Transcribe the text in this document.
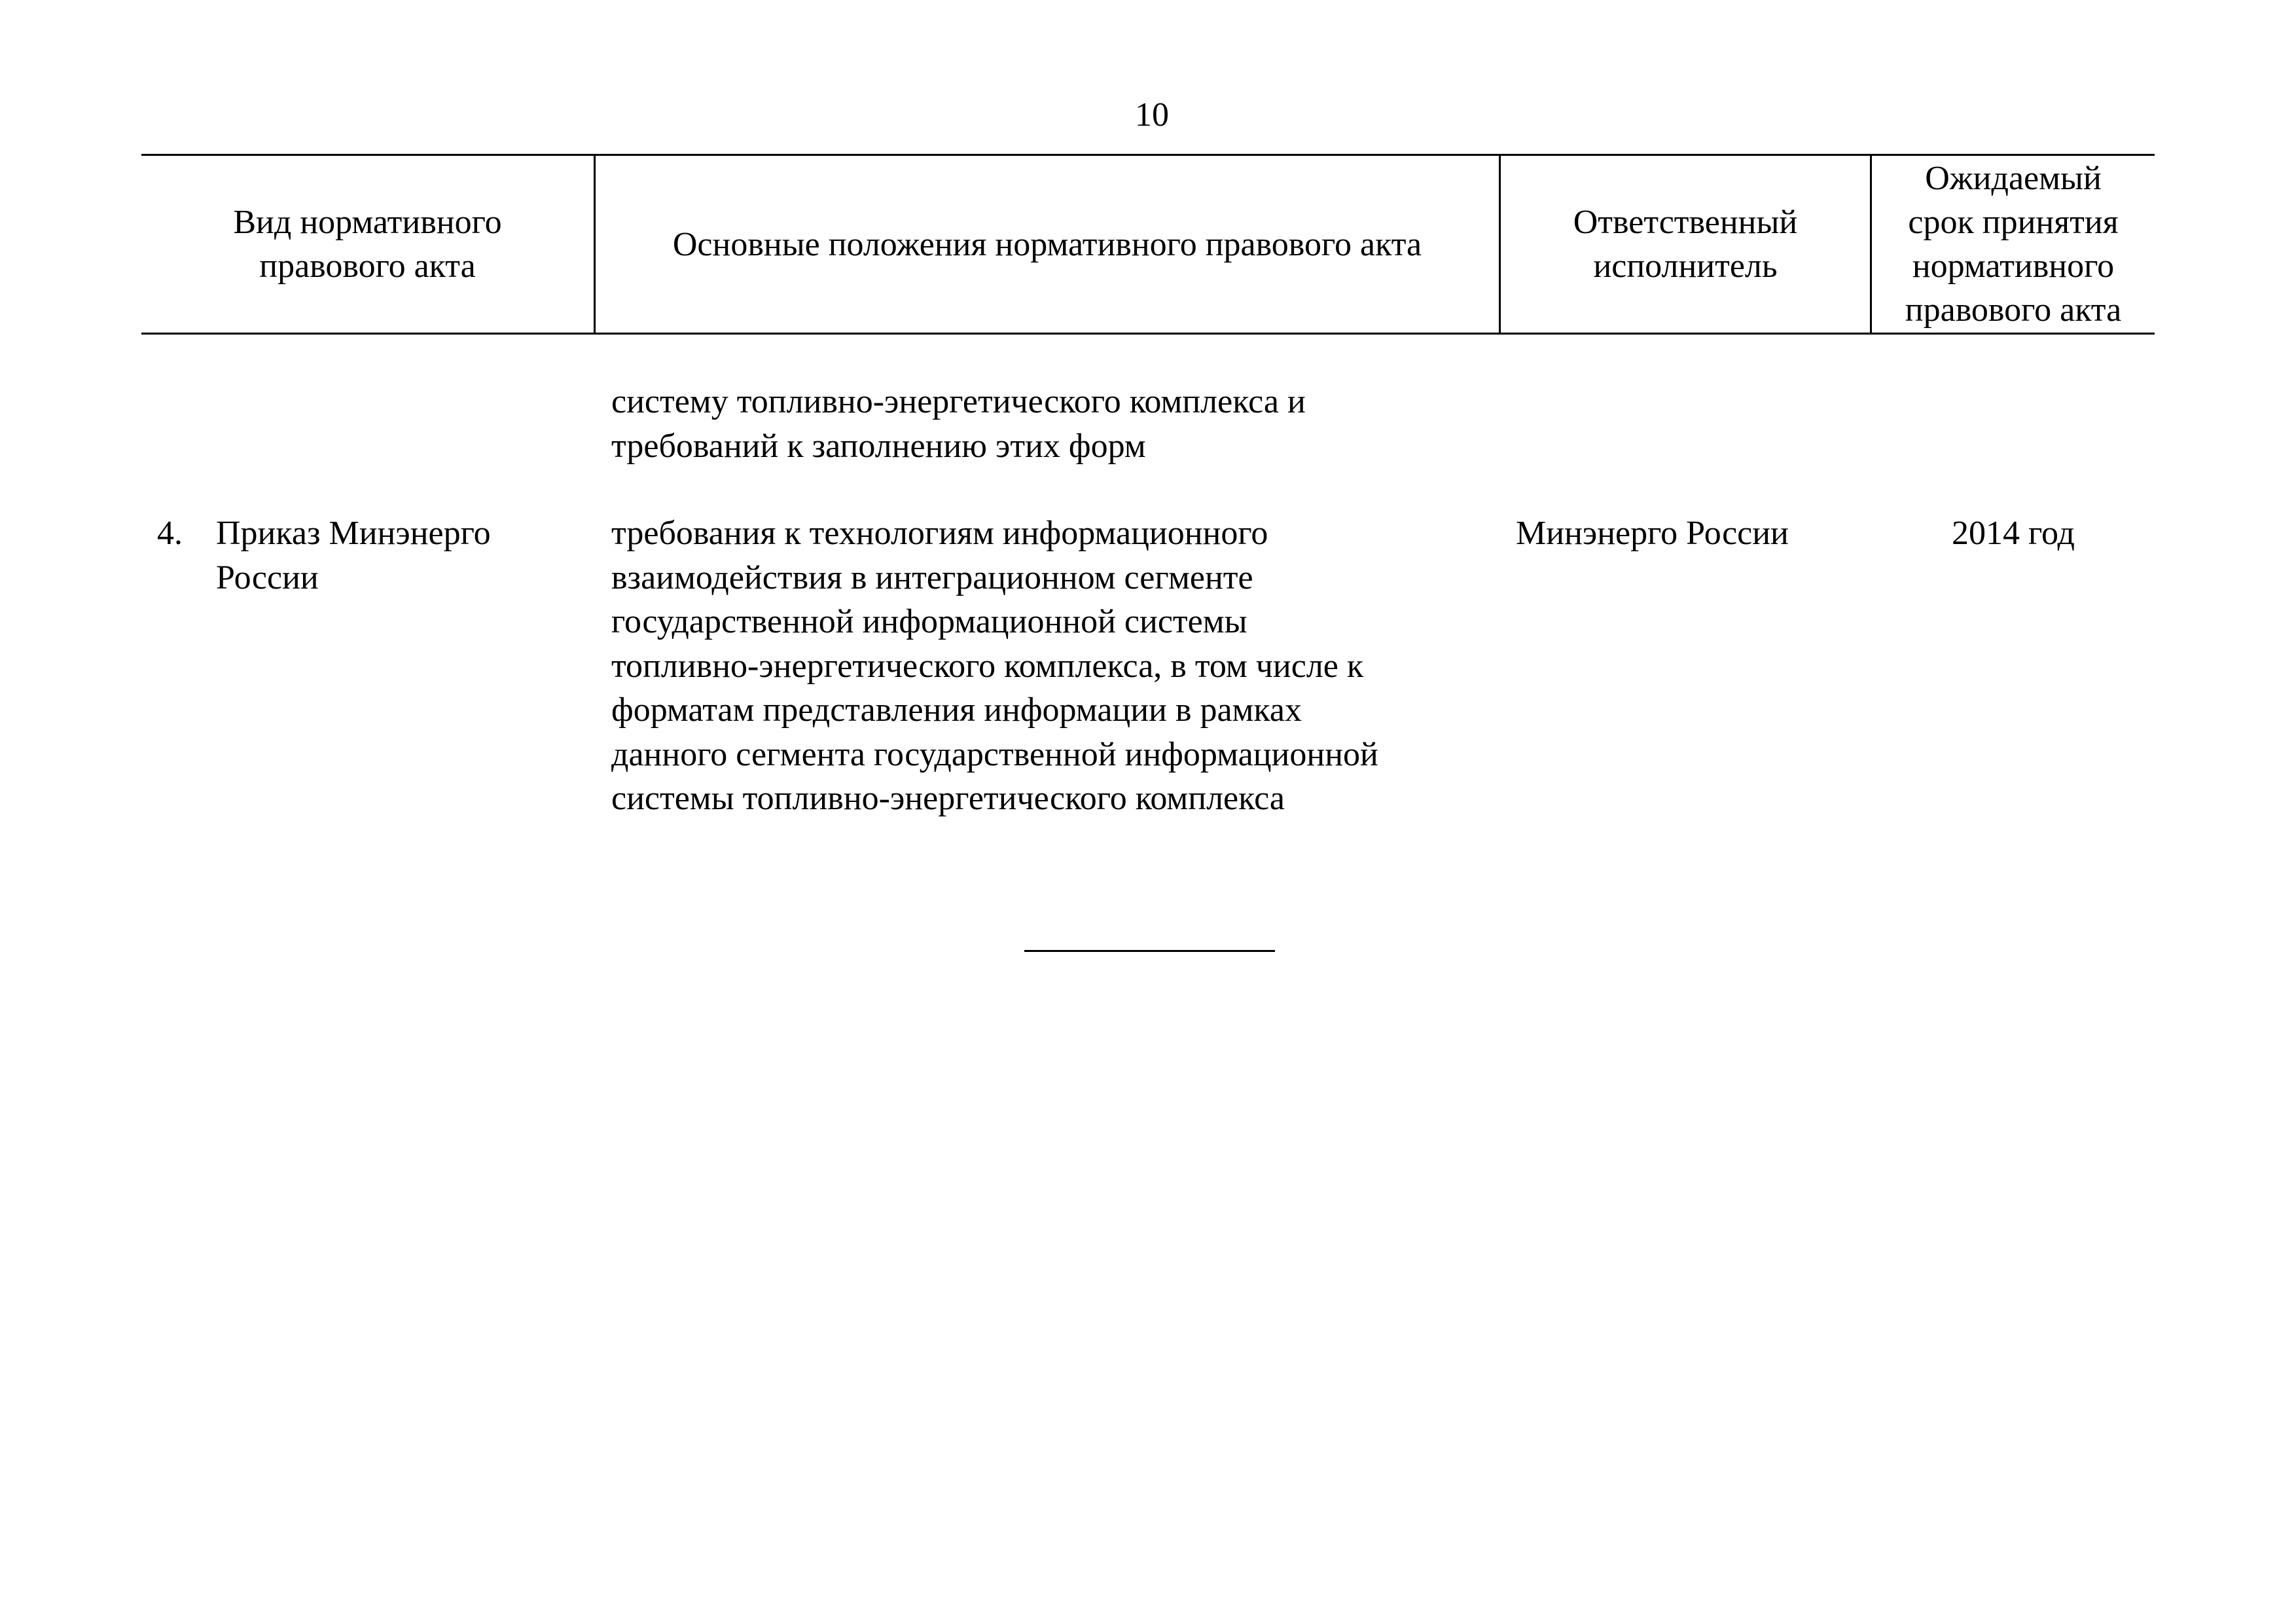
10
Вид нормативного
правового акта
Основные положения нормативного правового акта
Ответственный
исполнитель
Ожидаемый
срок принятия
нормативного
правового акта
систему топливно-энергетического комплекса и
требований к заполнению этих форм
4. Приказ Минэнерго
России
требования к технологиям информационного
взаимодействия в интеграционном сегменте
государственной информационной системы
топливно-энергетического комплекса, в том числе к
форматам представления информации в рамках
данного сегмента государственной информационной
системы топливно-энергетического комплекса
Минэнерго России	2014 год
